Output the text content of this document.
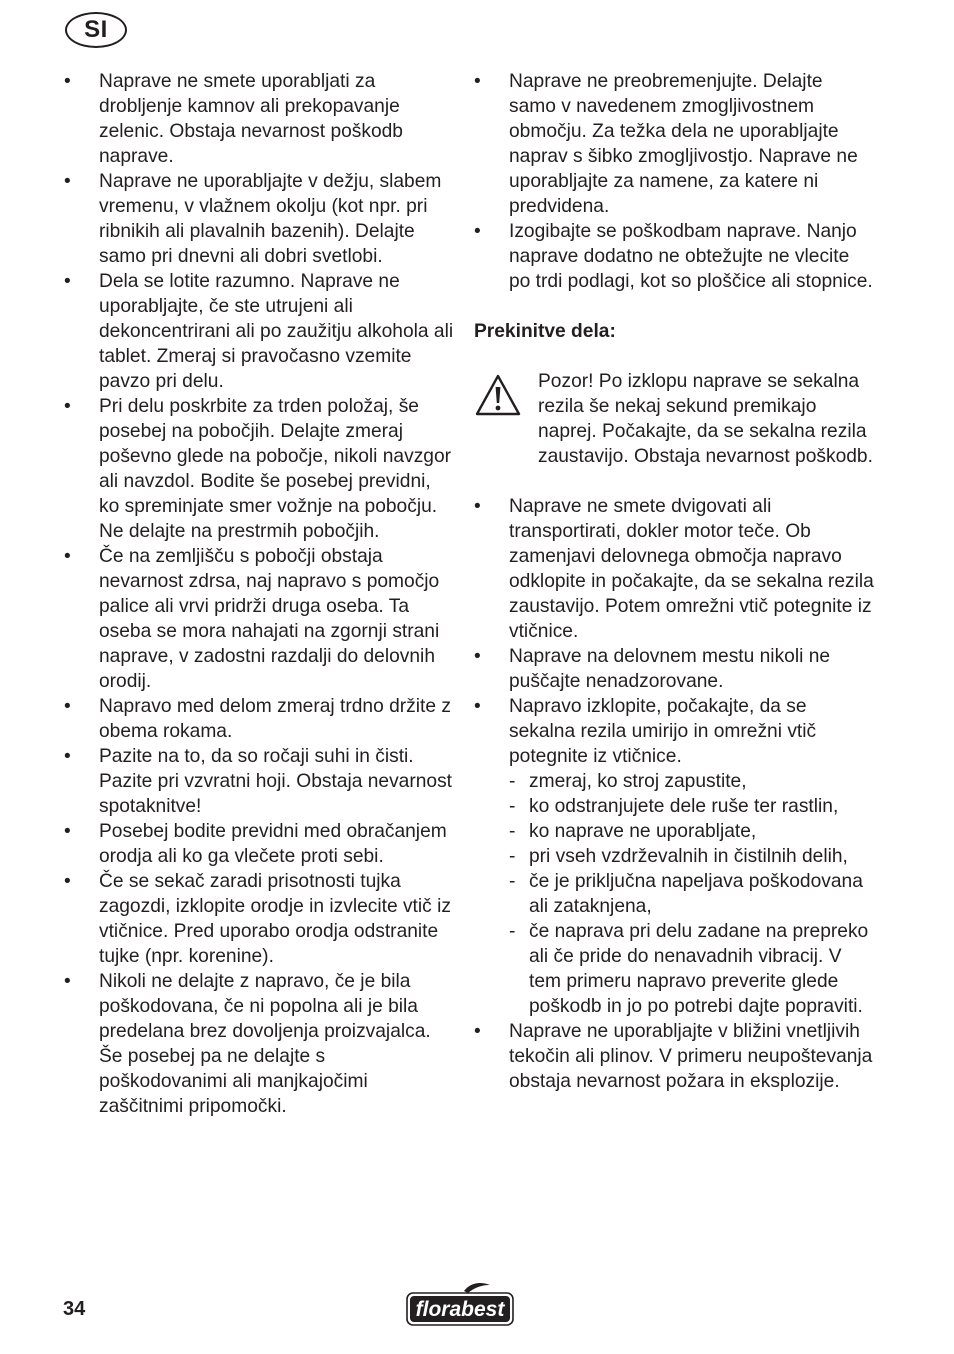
SI
• Naprave ne smete uporabljati za drobljenje kamnov ali prekopavanje zelenic. Obstaja nevarnost poškodb naprave.
• Naprave ne uporabljajte v dežju, slabem vremenu, v vlažnem okolju (kot npr. pri ribnikih ali plavalnih bazenih). Delajte samo pri dnevni ali dobri svetlobi.
• Dela se lotite razumno. Naprave ne uporabljajte, če ste utrujeni ali dekoncentrirani ali po zaužitju alkohola ali tablet. Zmeraj si pravočasno vzemite pavzo pri delu.
• Pri delu poskrbite za trden položaj, še posebej na pobočjih. Delajte zmeraj poševno glede na pobočje, nikoli navzgor ali navzdol. Bodite še posebej previdni, ko spreminjate smer vožnje na pobočju. Ne delajte na prestrmih pobočjih.
• Če na zemljišču s pobočji obstaja nevarnost zdrsa, naj napravo s pomočjo palice ali vrvi pridrži druga oseba. Ta oseba se mora nahajati na zgornji strani naprave, v zadostni razdalji do delovnih orodij.
• Napravo med delom zmeraj trdno držite z obema rokama.
• Pazite na to, da so ročaji suhi in čisti. Pazite pri vzvratni hoji. Obstaja nevarnost spotaknitve!
• Posebej bodite previdni med obračanjem orodja ali ko ga vlečete proti sebi.
• Če se sekač zaradi prisotnosti tujka zagozdi, izklopite orodje in izvlecite vtič iz vtičnice. Pred uporabo orodja odstranite tujke (npr. korenine).
• Nikoli ne delajte z napravo, če je bila poškodovana, če ni popolna ali je bila predelana brez dovoljenja proizvajalca. Še posebej pa ne delajte s poškodovanimi ali manjkajočimi zaščitnimi pripomočki.
• Naprave ne preobremenjujte. Delajte samo v navedenem zmogljivostnem območju. Za težka dela ne uporabljajte naprav s šibko zmogljivostjo. Naprave ne uporabljajte za namene, za katere ni predvidena.
• Izogibajte se poškodbam naprave. Nanjo naprave dodatno ne obtežujte ne vlecite po trdi podlagi, kot so ploščice ali stopnice.
Prekinitve dela:
Pozor! Po izklopu naprave se sekalna rezila še nekaj sekund premikajo naprej. Počakajte, da se sekalna rezila zaustavijo. Obstaja nevarnost poškodb.
• Naprave ne smete dvigovati ali transportirati, dokler motor teče. Ob zamenjavi delovnega območja napravo odklopite in počakajte, da se sekalna rezila zaustavijo. Potem omrežni vtič potegnite iz vtičnice.
• Naprave na delovnem mestu nikoli ne puščajte nenadzorovane.
• Napravo izklopite, počakajte, da se sekalna rezila umirijo in omrežni vtič potegnite iz vtičnice.
- zmeraj, ko stroj zapustite,
- ko odstranjujete dele ruše ter rastlin,
- ko naprave ne uporabljate,
- pri vseh vzdrževalnih in čistilnih delih,
- če je priključna napeljava poškodovana ali zataknjena,
- če naprava pri delu zadane na prepreko ali če pride do nenavadnih vibracij. V tem primeru napravo preverite glede poškodb in jo po potrebi dajte popraviti.
• Naprave ne uporabljajte v bližini vnetljivih tekočin ali plinov. V primeru neupoštevanja obstaja nevarnost požara in eksplozije.
34	florabest
